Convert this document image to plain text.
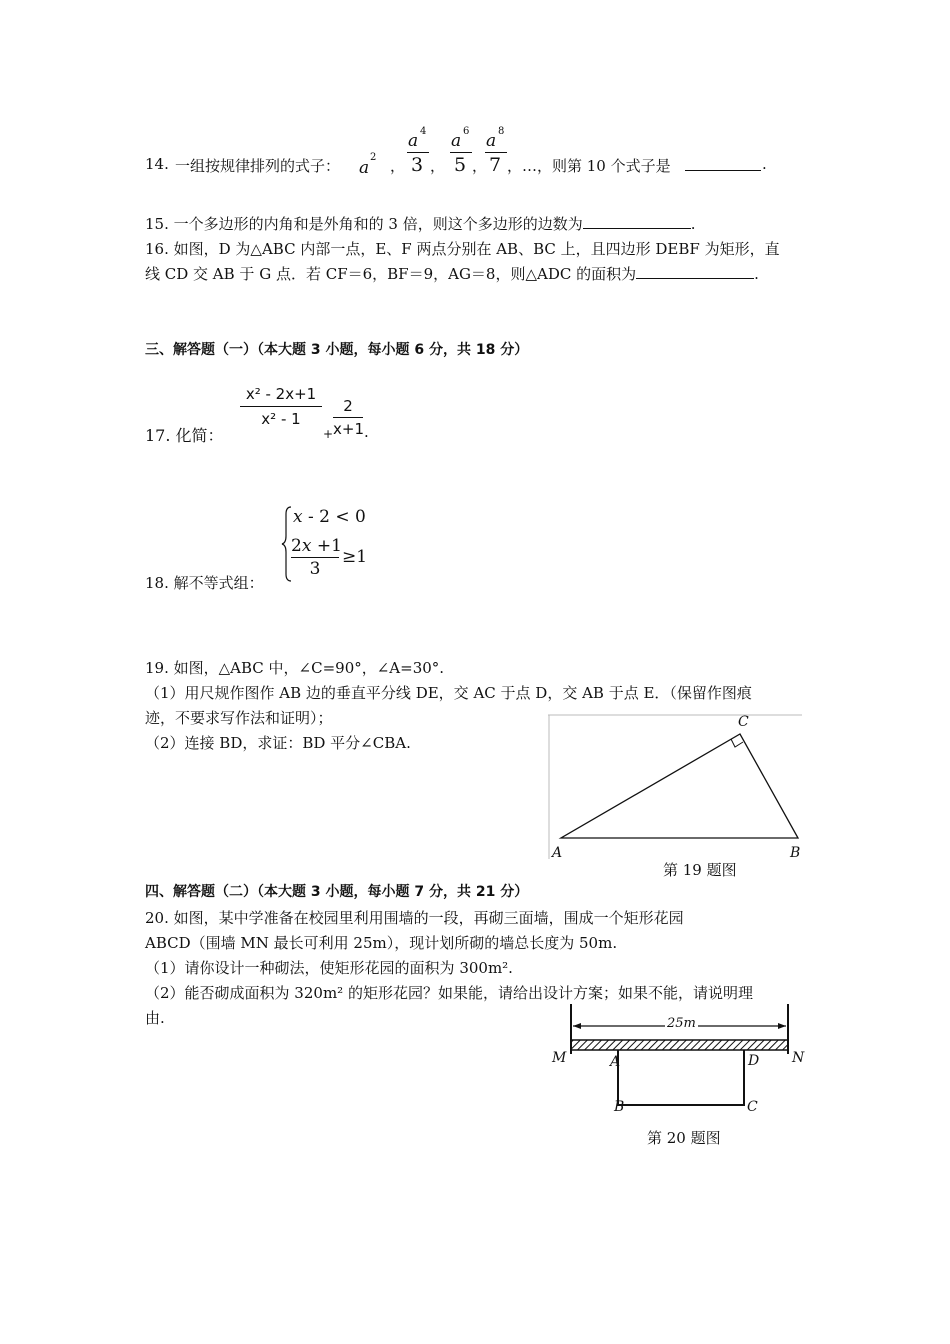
14. 一组按规律排列的式子： a
2 ，
a 4
3 ，
a 6
5 ，
a 8
7 ，…，则第 10 个式子是	.
15. 一个多边形的内角和是外角和的 3 倍，则这个多边形的边数为	.
16. 如图，D 为△ABC 内部一点，E、F 两点分别在 AB、BC 上，且四边形 DEBF 为矩形，直
线 CD 交 AB 于 G 点．若 CF＝6，BF＝9，AG＝8，则△ADC 的面积为	.
三、解答题（一）（本大题 3 小题，每小题 6 分，共 18 分）
17. 化简：
$\frac{\text{x² - 2x+1}}{\text{x² - 1}}$
+ $\frac{2}{x+1}$ .
18. 解不等式组：
x - 2 < 0
$\frac{2x +1}{3} \ge 1$
19. 如图，△ABC 中，∠C=90°，∠A=30°.
（1）用尺规作图作 AB 边的垂直平分线 DE，交 AC 于点 D，交 AB 于点 E．（保留作图痕
迹，不要求写作法和证明）；
（2）连接 BD，求证：BD 平分∠CBA.
C
A	B
第 19 题图
四、解答题（二）（本大题 3 小题，每小题 7 分，共 21 分）
20. 如图，某中学准备在校园里利用围墙的一段，再砌三面墙，围成一个矩形花园
ABCD（围墙 MN 最长可利用 25m），现计划所砌的墙总长度为 50m.
（1）请你设计一种砌法，使矩形花园的面积为 300m².
（2）能否砌成面积为 320m² 的矩形花园？如果能，请给出设计方案；如果不能，请说明理
由.	25m
M	N
A	D
B	C
第 20 题图
